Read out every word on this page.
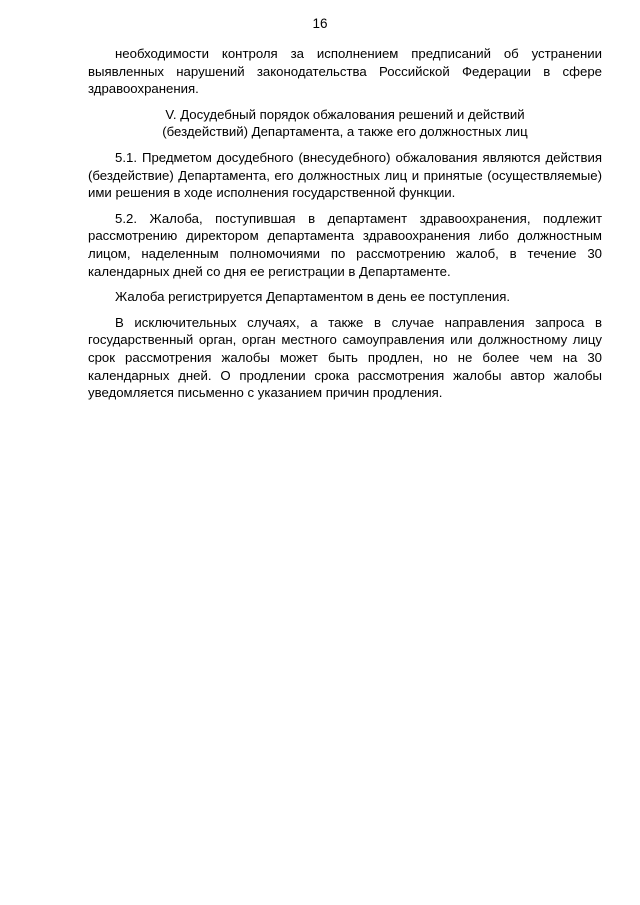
16

необходимости контроля за исполнением предписаний об устранении выявленных нарушений законодательства Российской Федерации в сфере здравоохранения.

V. Досудебный порядок обжалования решений и действий
(бездействий) Департамента, а также его должностных лиц

5.1. Предметом досудебного (внесудебного) обжалования являются действия (бездействие) Департамента, его должностных лиц и принятые (осуществляемые) ими решения в ходе исполнения государственной функции.

5.2. Жалоба, поступившая в департамент здравоохранения, подлежит рассмотрению директором департамента здравоохранения либо должностным лицом, наделенным полномочиями по рассмотрению жалоб, в течение 30 календарных дней со дня ее регистрации в Департаменте.

Жалоба регистрируется Департаментом в день ее поступления.

В исключительных случаях, а также в случае направления запроса в государственный орган, орган местного самоуправления или должностному лицу срок рассмотрения жалобы может быть продлен, но не более чем на 30 календарных дней. О продлении срока рассмотрения жалобы автор жалобы уведомляется письменно с указанием причин продления.
